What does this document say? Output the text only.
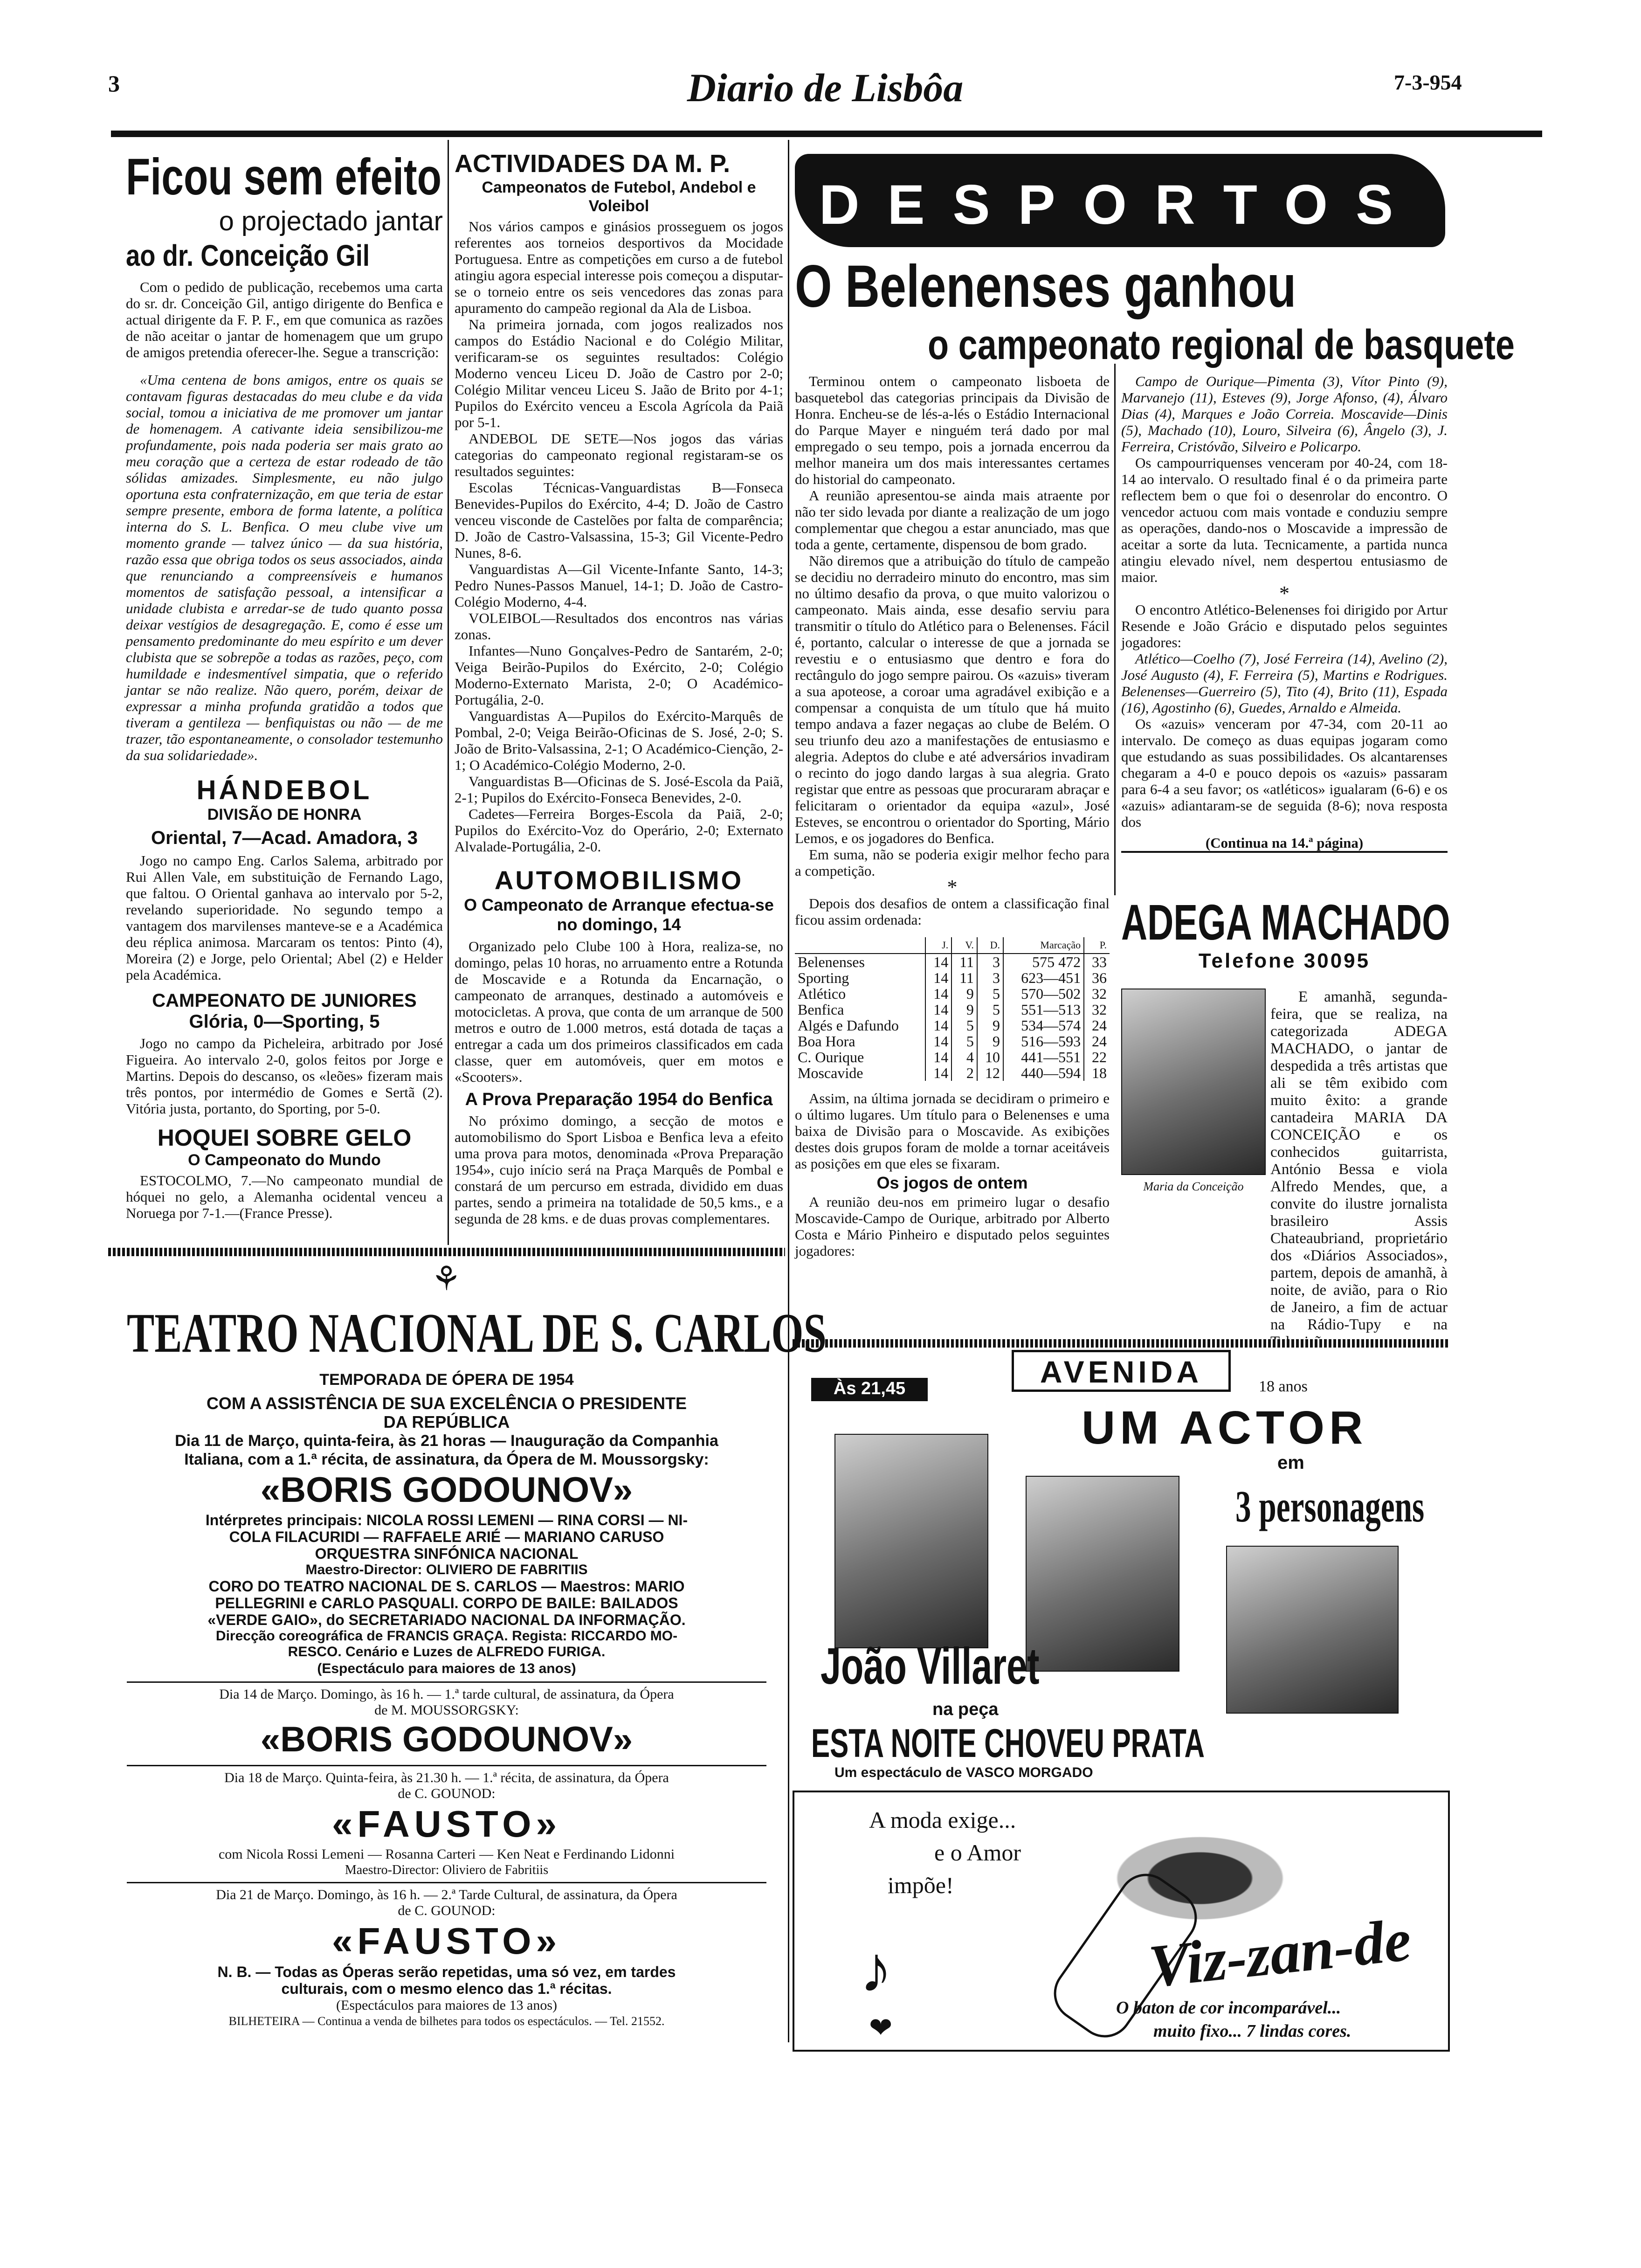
3	Diario de Lisbôa	7-3-954
Ficou sem efeito
o projectado jantar
ao dr. Conceição Gil

Com o pedido de publicação, recebemos uma carta do sr. dr. Conceição Gil, antigo dirigente do Benfica e actual dirigente da F. P. F., em que comunica as razões de não aceitar o jantar de homenagem que um grupo de amigos pretendia oferecer-lhe. Segue a transcrição:

«Uma centena de bons amigos, entre os quais se contavam figuras destacadas do meu clube e da vida social, tomou a iniciativa de me promover um jantar de homenagem. A cativante ideia sensibilizou-me profundamente, pois nada poderia ser mais grato ao meu coração que a certeza de estar rodeado de tão sólidas amizades. Simplesmente, eu não julgo oportuna esta confraternização, em que teria de estar sempre presente, embora de forma latente, a política interna do S. L. Benfica. O meu clube vive um momento grande — talvez único — da sua história, razão essa que obriga todos os seus associados, ainda que renunciando a compreensíveis e humanos momentos de satisfação pessoal, a intensificar a unidade clubista e arredar-se de tudo quanto possa deixar vestígios de desagregação. E, como é esse um pensamento predominante do meu espírito e um dever clubista que se sobrepõe a todas as razões, peço, com humildade e indesmentível simpatia, que o referido jantar se não realize. Não quero, porém, deixar de expressar a minha profunda gratidão a todos que tiveram a gentileza — benfiquistas ou não — de me trazer, tão espontaneamente, o consolador testemunho da sua solidariedade».

HÁNDEBOL
DIVISÃO DE HONRA
Oriental, 7—Acad. Amadora, 3

Jogo no campo Eng. Carlos Salema, arbitrado por Rui Allen Vale, em substituição de Fernando Lago, que faltou. O Oriental ganhava ao intervalo por 5-2, revelando superioridade. No segundo tempo a vantagem dos marvilenses manteve-se e a Académica deu réplica animosa. Marcaram os tentos: Pinto (4), Moreira (2) e Jorge, pelo Oriental; Abel (2) e Helder pela Académica.

CAMPEONATO DE JUNIORES
Glória, 0—Sporting, 5

Jogo no campo da Picheleira, arbitrado por José Figueira. Ao intervalo 2-0, golos feitos por Jorge e Martins. Depois do descanso, os «leões» fizeram mais três pontos, por intermédio de Gomes e Sertã (2). Vitória justa, portanto, do Sporting, por 5-0.

HOQUEI SOBRE GELO
O Campeonato do Mundo

ESTOCOLMO, 7.—No campeonato mundial de hóquei no gelo, a Alemanha ocidental venceu a Noruega por 7-1.—(France Presse).

ACTIVIDADES DA M. P.
Campeonatos de Futebol, Andebol e Voleibol

Nos vários campos e ginásios prosseguem os jogos referentes aos torneios desportivos da Mocidade Portuguesa. Entre as competições em curso a de futebol atingiu agora especial interesse pois começou a disputar-se o torneio entre os seis vencedores das zonas para apuramento do campeão regional da Ala de Lisboa.

Na primeira jornada, com jogos realizados nos campos do Estádio Nacional e do Colégio Militar, verificaram-se os seguintes resultados: Colégio Moderno venceu Liceu D. João de Castro por 2-0; Colégio Militar venceu Liceu S. Jaão de Brito por 4-1; Pupilos do Exército venceu a Escola Agrícola da Paiã por 5-1.

ANDEBOL DE SETE—Nos jogos das várias categorias do campeonato regional registaram-se os resultados seguintes:

Escolas Técnicas-Vanguardistas B—Fonseca Benevides-Pupilos do Exército, 4-4; D. João de Castro venceu visconde de Castelões por falta de comparência; D. João de Castro-Valsassina, 15-3; Gil Vicente-Pedro Nunes, 8-6.

Vanguardistas A—Gil Vicente-Infante Santo, 14-3; Pedro Nunes-Passos Manuel, 14-1; D. João de Castro-Colégio Moderno, 4-4.

VOLEIBOL—Resultados dos encontros nas várias zonas.

Infantes—Nuno Gonçalves-Pedro de Santarém, 2-0; Veiga Beirão-Pupilos do Exército, 2-0; Colégio Moderno-Externato Marista, 2-0; O Académico-Portugália, 2-0.

Vanguardistas A—Pupilos do Exército-Marquês de Pombal, 2-0; Veiga Beirão-Oficinas de S. José, 2-0; S. João de Brito-Valsassina, 2-1; O Académico-Cienção, 2-1; O Académico-Colégio Moderno, 2-0.

Vanguardistas B—Oficinas de S. José-Escola da Paiã, 2-1; Pupilos do Exército-Fonseca Benevides, 2-0.

Cadetes—Ferreira Borges-Escola da Paiã, 2-0; Pupilos do Exército-Voz do Operário, 2-0; Externato Alvalade-Portugália, 2-0.

AUTOMOBILISMO
O Campeonato de Arranque efectua-se no domingo, 14

Organizado pelo Clube 100 à Hora, realiza-se, no domingo, pelas 10 horas, no arruamento entre a Rotunda de Moscavide e a Rotunda da Encarnação, o campeonato de arranques, destinado a automóveis e motocicletas. A prova, que conta de um arranque de 500 metros e outro de 1.000 metros, está dotada de taças a entregar a cada um dos primeiros classificados em cada classe, quer em automóveis, quer em motos e «Scooters».

A Prova Preparação 1954 do Benfica

No próximo domingo, a secção de motos e automobilismo do Sport Lisboa e Benfica leva a efeito uma prova para motos, denominada «Prova Preparação 1954», cujo início será na Praça Marquês de Pombal e constará de um percurso em estrada, dividido em duas partes, sendo a primeira na totalidade de 50,5 kms., e a segunda de 28 kms. e de duas provas complementares.

DESPORTOS
O Belenenses ganhou
o campeonato regional de basquete

Terminou ontem o campeonato lisboeta de basquetebol das categorias principais da Divisão de Honra. Encheu-se de lés-a-lés o Estádio Internacional do Parque Mayer e ninguém terá dado por mal empregado o seu tempo, pois a jornada encerrou da melhor maneira um dos mais interessantes certames do historial do campeonato.

A reunião apresentou-se ainda mais atraente por não ter sido levada por diante a realização de um jogo complementar que chegou a estar anunciado, mas que toda a gente, certamente, dispensou de bom grado.

Não diremos que a atribuição do título de campeão se decidiu no derradeiro minuto do encontro, mas sim no último desafio da prova, o que muito valorizou o campeonato. Mais ainda, esse desafio serviu para transmitir o título do Atlético para o Belenenses. Fácil é, portanto, calcular o interesse de que a jornada se revestiu e o entusiasmo que dentro e fora do rectângulo do jogo sempre pairou. Os «azuis» tiveram a sua apoteose, a coroar uma agradável exibição e a compensar a conquista de um título que há muito tempo andava a fazer negaças ao clube de Belém. O seu triunfo deu azo a manifestações de entusiasmo e alegria. Adeptos do clube e até adversários invadiram o recinto do jogo dando largas à sua alegria. Grato registar que entre as pessoas que procuraram abraçar e felicitaram o orientador da equipa «azul», José Esteves, se encontrou o orientador do Sporting, Mário Lemos, e os jogadores do Benfica.

Em suma, não se poderia exigir melhor fecho para a competição.

*

Depois dos desafios de ontem a classificação final ficou assim ordenada:

	J.	V.	D.	Marcação	P.
Belenenses	14	11	3	575 472	33
Sporting	14	11	3	623—451	36
Atlético	14	9	5	570—502	32
Benfica	14	9	5	551—513	32
Algés e Dafundo	14	5	9	534—574	24
Boa Hora	14	5	9	516—593	24
C. Ourique	14	4	10	441—551	22
Moscavide	14	2	12	440—594	18

Assim, na última jornada se decidiram o primeiro e o último lugares. Um título para o Belenenses e uma baixa de Divisão para o Moscavide. As exibições destes dois grupos foram de molde a tornar aceitáveis as posições em que eles se fixaram.

Os jogos de ontem

A reunião deu-nos em primeiro lugar o desafio Moscavide-Campo de Ourique, arbitrado por Alberto Costa e Mário Pinheiro e disputado pelos seguintes jogadores:

Campo de Ourique—Pimenta (3), Vítor Pinto (9), Marvanejo (11), Esteves (9), Jorge Afonso, (4), Álvaro Dias (4), Marques e João Correia. Moscavide—Dinis (5), Machado (10), Louro, Silveira (6), Ângelo (3), J. Ferreira, Cristóvão, Silveiro e Policarpo.

Os campourriquenses venceram por 40-24, com 18-14 ao intervalo. O resultado final é o da primeira parte reflectem bem o que foi o desenrolar do encontro. O vencedor actuou com mais vontade e conduziu sempre as operações, dando-nos o Moscavide a impressão de aceitar a sorte da luta. Tecnicamente, a partida nunca atingiu elevado nível, nem despertou entusiasmo de maior.

*

O encontro Atlético-Belenenses foi dirigido por Artur Resende e João Grácio e disputado pelos seguintes jogadores:

Atlético—Coelho (7), José Ferreira (14), Avelino (2), José Augusto (4), F. Ferreira (5), Martins e Rodrigues. Belenenses—Guerreiro (5), Tito (4), Brito (11), Espada (16), Agostinho (6), Guedes, Arnaldo e Almeida.

Os «azuis» venceram por 47-34, com 20-11 ao intervalo. De começo as duas equipas jogaram como que estudando as suas possibilidades. Os alcantarenses chegaram a 4-0 e pouco depois os «azuis» passaram para 6-4 a seu favor; os «atléticos» igualaram (6-6) e os «azuis» adiantaram-se de seguida (8-6); nova resposta dos

(Continua na 14.ª página)
ADEGA MACHADO
Telefone 30095
Maria da Conceição

E amanhã, segunda-feira, que se realiza, na categorizada ADEGA MACHADO, o jantar de despedida a três artistas que ali se têm exibido com muito êxito: a grande cantadeira MARIA DA CONCEIÇÃO e os conhecidos guitarrista, António Bessa e viola Alfredo Mendes, que, a convite do ilustre jornalista brasileiro Assis Chateaubriand, proprietário dos «Diários Associados», partem, depois de amanhã, à noite, de avião, para o Rio de Janeiro, a fim de actuar na Rádio-Tupy e na

⚘
TEATRO NACIONAL DE S. CARLOS
TEMPORADA DE ÓPERA DE 1954
COM A ASSISTÊNCIA DE SUA EXCELÊNCIA O PRESIDENTE
DA REPÚBLICA
Dia 11 de Março, quinta-feira, às 21 horas — Inauguração da Companhia
Italiana, com a 1.ª récita, de assinatura, da Ópera de M. Moussorgsky:
«BORIS GODOUNOV»
Intérpretes principais: NICOLA ROSSI LEMENI — RINA CORSI — NI-
COLA FILACURIDI — RAFFAELE ARIÉ — MARIANO CARUSO
ORQUESTRA SINFÓNICA NACIONAL
Maestro-Director: OLIVIERO DE FABRITIIS
CORO DO TEATRO NACIONAL DE S. CARLOS — Maestros: MARIO
PELLEGRINI e CARLO PASQUALI. CORPO DE BAILE: BAILADOS
«VERDE GAIO», do SECRETARIADO NACIONAL DA INFORMAÇÃO.
Direcção coreográfica de FRANCIS GRAÇA. Regista: RICCARDO MO-
RESCO. Cenário e Luzes de ALFREDO FURIGA.
(Espectáculo para maiores de 13 anos)
Dia 14 de Março. Domingo, às 16 h. — 1.ª tarde cultural, de assinatura, da Ópera
de M. MOUSSORGSKY:
«BORIS GODOUNOV»
Dia 18 de Março. Quinta-feira, às 21.30 h. — 1.ª récita, de assinatura, da Ópera
de C. GOUNOD:
«FAUSTO»
com Nicola Rossi Lemeni — Rosanna Carteri — Ken Neat e Ferdinando Lidonni
Maestro-Director: Oliviero de Fabritiis
Dia 21 de Março. Domingo, às 16 h. — 2.ª Tarde Cultural, de assinatura, da Ópera
de C. GOUNOD:
«FAUSTO»
N. B. — Todas as Óperas serão repetidas, uma só vez, em tardes
culturais, com o mesmo elenco das 1.ª récitas.
(Espectáculos para maiores de 13 anos)
BILHETEIRA — Continua a venda de bilhetes para todos os espectáculos. — Tel. 21552.
AVENIDA
Às 21,45	18 anos
UM ACTOR
em
3 personagens
João Villaret
na peça
ESTA NOITE CHOVEU PRATA
Um espectáculo de VASCO MORGADO
♪
❤
A moda exige...
e o Amor
impõe!
Viz-zan-de
O baton de cor incomparável...
muito fixo... 7 lindas cores.
